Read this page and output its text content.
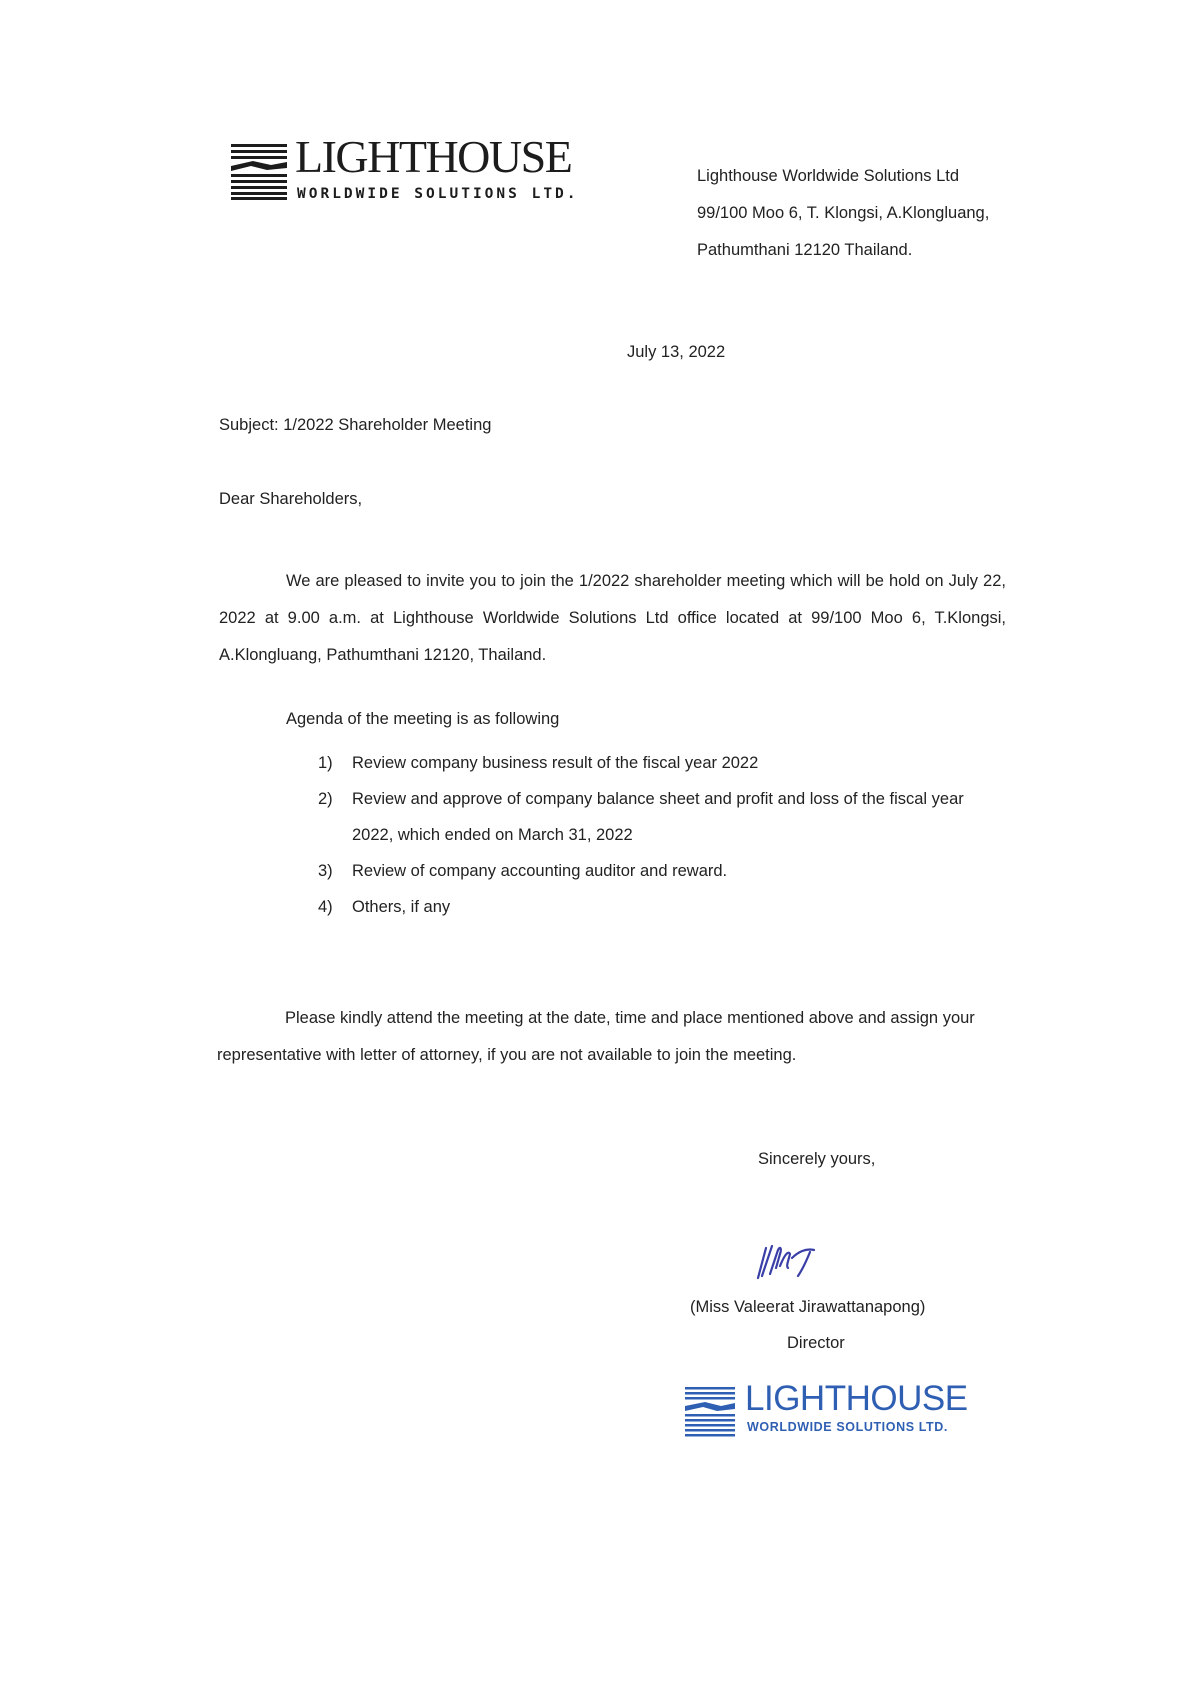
LIGHTHOUSE
WORLDWIDE SOLUTIONS LTD.
Lighthouse Worldwide Solutions Ltd
99/100 Moo 6, T. Klongsi, A.Klongluang,
Pathumthani 12120 Thailand.
July 13, 2022
Subject: 1/2022 Shareholder Meeting
Dear Shareholders,
We are pleased to invite you to join the 1/2022 shareholder meeting which will be hold on July 22, 2022 at 9.00 a.m. at Lighthouse Worldwide Solutions Ltd office located at 99/100 Moo 6, T.Klongsi, A.Klongluang, Pathumthani 12120, Thailand.
Agenda of the meeting is as following
1)	Review company business result of the fiscal year 2022
2)	Review and approve of company balance sheet and profit and loss of the fiscal year 2022, which ended on March 31, 2022
3)	Review of company accounting auditor and reward.
4)	Others, if any
Please kindly attend the meeting at the date, time and place mentioned above and assign your representative with letter of attorney, if you are not available to join the meeting.
Sincerely yours,
(Miss Valeerat Jirawattanapong)
Director
LIGHTHOUSE
WORLDWIDE SOLUTIONS LTD.
